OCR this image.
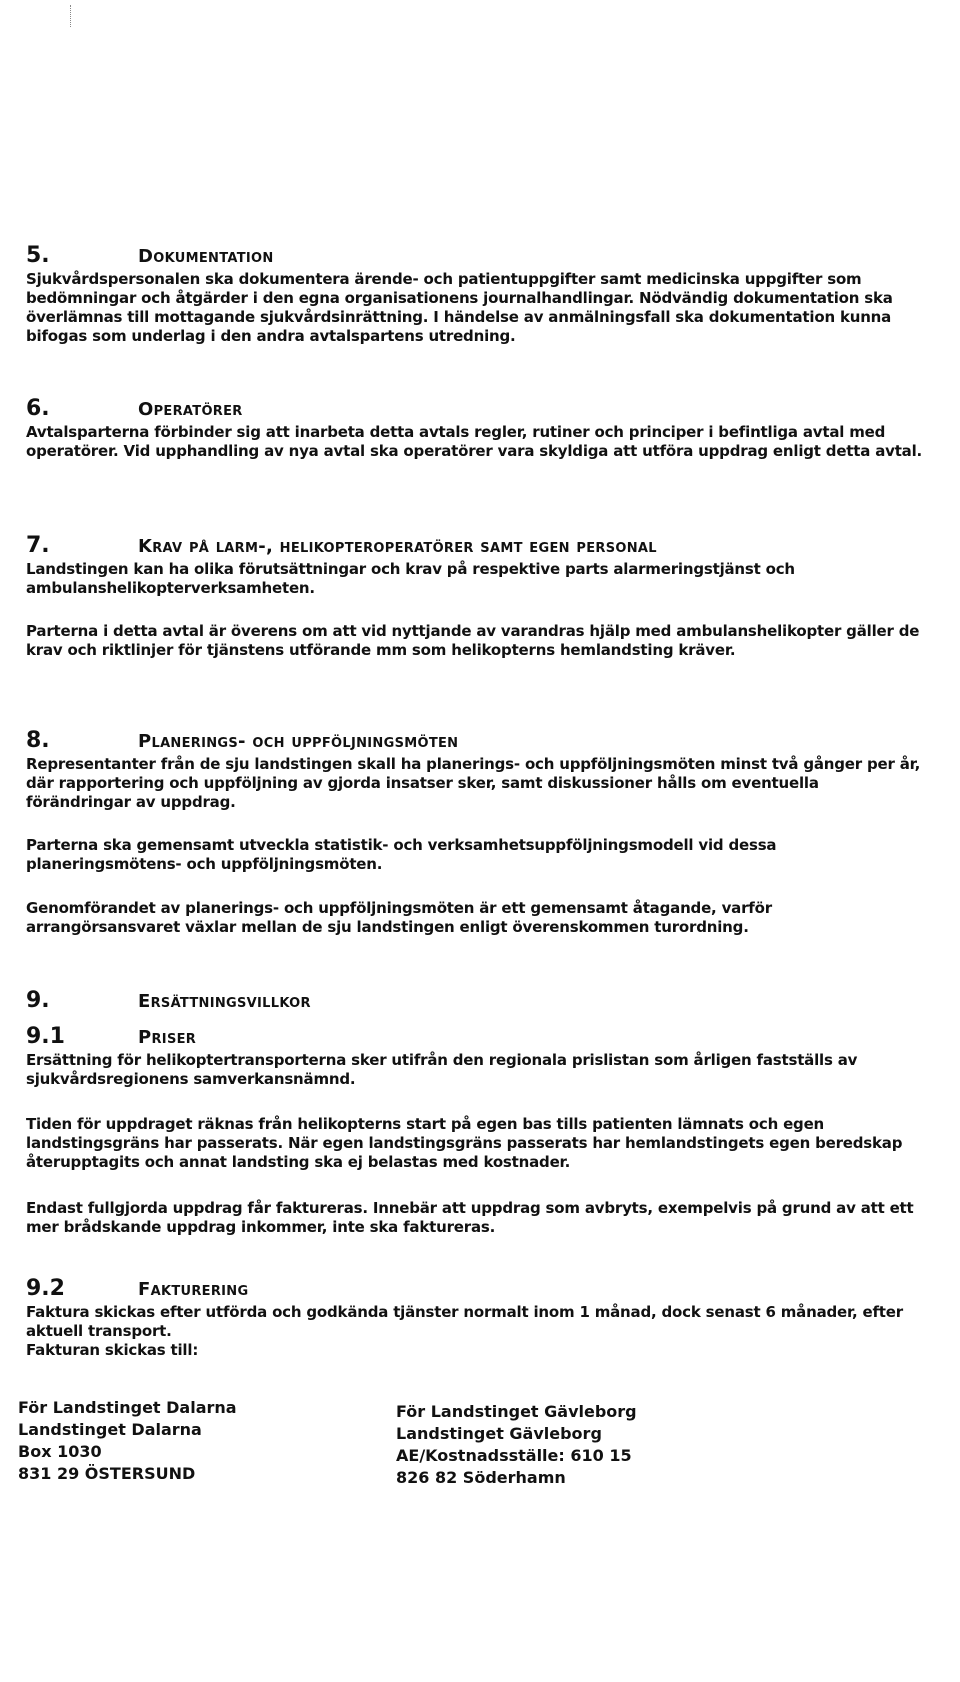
5.	Dokumentation

Sjukvårdspersonalen ska dokumentera ärende- och patientuppgifter samt medicinska uppgifter som bedömningar och åtgärder i den egna organisationens journalhandlingar. Nödvändig dokumentation ska överlämnas till mottagande sjukvårdsinrättning. I händelse av anmälningsfall ska dokumentation kunna bifogas som underlag i den andra avtalspartens utredning.

6.	Operatörer

Avtalsparterna förbinder sig att inarbeta detta avtals regler, rutiner och principer i befintliga avtal med operatörer. Vid upphandling av nya avtal ska operatörer vara skyldiga att utföra uppdrag enligt detta avtal.

7.	Krav på larm-, helikopteroperatörer samt egen personal

Landstingen kan ha olika förutsättningar och krav på respektive parts alarmeringstjänst och ambulanshelikopterverksamheten.

Parterna i detta avtal är överens om att vid nyttjande av varandras hjälp med ambulanshelikopter gäller de krav och riktlinjer för tjänstens utförande mm som helikopterns hemlandsting kräver.

8.	Planerings- och uppföljningsmöten

Representanter från de sju landstingen skall ha planerings- och uppföljningsmöten minst två gånger per år, där rapportering och uppföljning av gjorda insatser sker, samt diskussioner hålls om eventuella förändringar av uppdrag.

Parterna ska gemensamt utveckla statistik- och verksamhetsuppföljningsmodell vid dessa planeringsmötens- och uppföljningsmöten.

Genomförandet av planerings- och uppföljningsmöten är ett gemensamt åtagande, varför arrangörsansvaret växlar mellan de sju landstingen enligt överenskommen turordning.

9.	Ersättningsvillkor
9.1	Priser

Ersättning för helikoptertransporterna sker utifrån den regionala prislistan som årligen fastställs av sjukvårdsregionens samverkansnämnd.

Tiden för uppdraget räknas från helikopterns start på egen bas tills patienten lämnats och egen landstingsgräns har passerats. När egen landstingsgräns passerats har hemlandstingets egen beredskap återupptagits och annat landsting ska ej belastas med kostnader.

Endast fullgjorda uppdrag får faktureras. Innebär att uppdrag som avbryts, exempelvis på grund av att ett mer brådskande uppdrag inkommer, inte ska faktureras.

9.2	Fakturering

Faktura skickas efter utförda och godkända tjänster normalt inom 1 månad, dock senast 6 månader, efter aktuell transport.

Fakturan skickas till:

För Landstinget Dalarna
Landstinget Dalarna
Box 1030
831 29 ÖSTERSUND
För Landstinget Gävleborg
Landstinget Gävleborg
AE/Kostnadsställe: 610 15
826 82 Söderhamn
